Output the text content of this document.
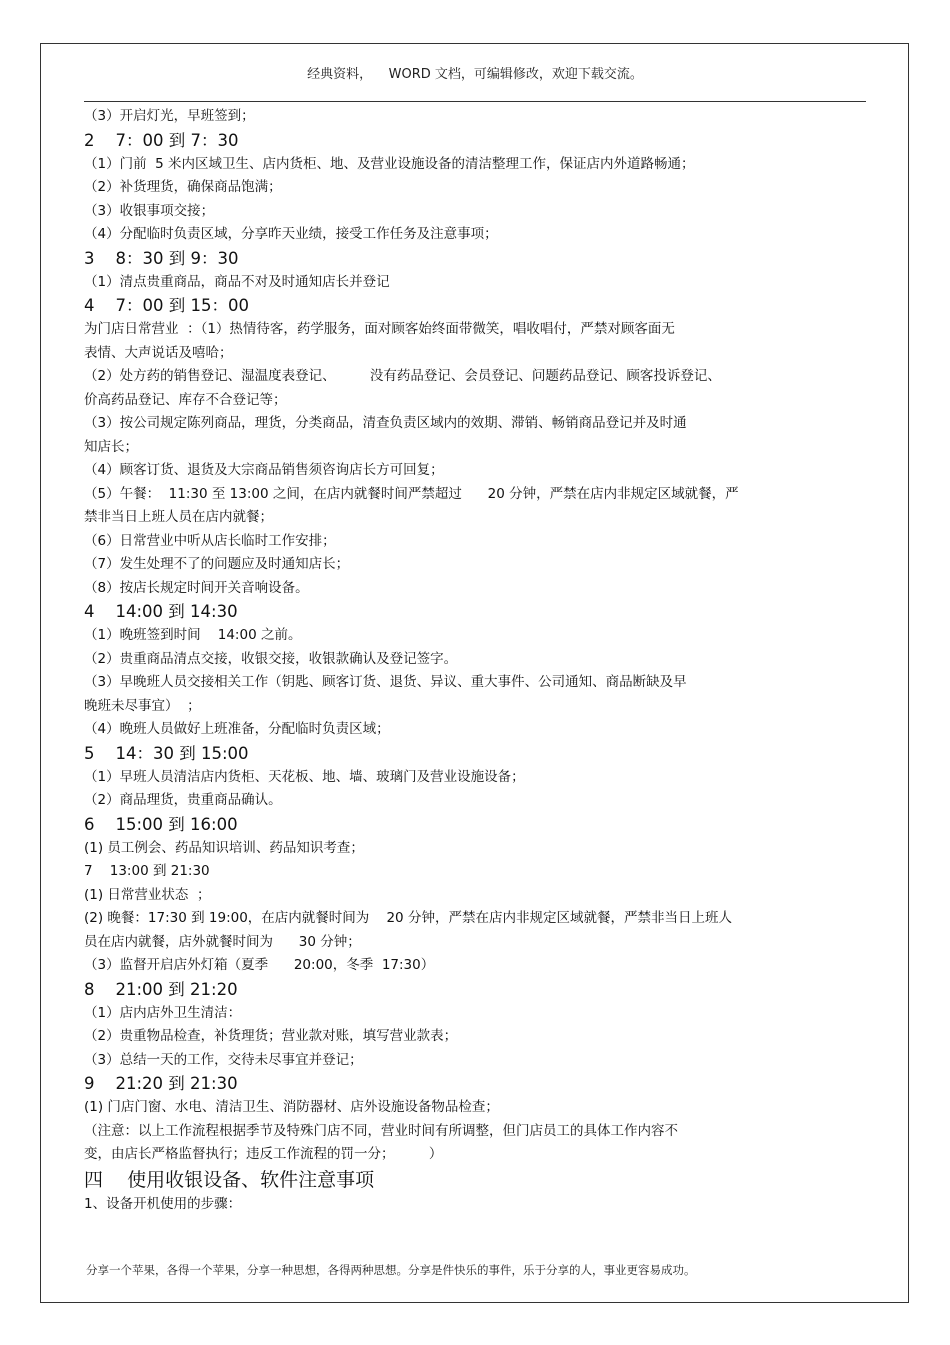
经典资料，    WORD 文档，可编辑修改，欢迎下载交流。
（3）开启灯光，早班签到；
2    7：00 到 7：30
（1）门前  5 米内区域卫生、店内货柜、地、及营业设施设备的清洁整理工作，保证店内外道路畅通；
（2）补货理货，确保商品饱满；
（3）收银事项交接；
（4）分配临时负责区域，分享昨天业绩，接受工作任务及注意事项；
3    8：30 到 9：30
（1）清点贵重商品，商品不对及时通知店长并登记
4    7：00 到 15：00
为门店日常营业  ：（1）热情待客，药学服务，面对顾客始终面带微笑，唱收唱付，严禁对顾客面无
表情、大声说话及嘻哈；
（2）处方药的销售登记、湿温度表登记、        没有药品登记、会员登记、问题药品登记、顾客投诉登记、
价高药品登记、库存不合登记等；
（3）按公司规定陈列商品，理货，分类商品，清查负责区域内的效期、滞销、畅销商品登记并及时通
知店长；
（4）顾客订货、退货及大宗商品销售须咨询店长方可回复；
（5）午餐：  11:30 至 13:00 之间，在店内就餐时间严禁超过      20 分钟，严禁在店内非规定区域就餐，严
禁非当日上班人员在店内就餐；
（6）日常营业中听从店长临时工作安排；
（7）发生处理不了的问题应及时通知店长；
（8）按店长规定时间开关音响设备。
4    14:00 到 14:30
（1）晚班签到时间    14:00 之前。
（2）贵重商品清点交接，收银交接，收银款确认及登记签字。
（3）早晚班人员交接相关工作（钥匙、顾客订货、退货、异议、重大事件、公司通知、商品断缺及早
晚班未尽事宜）  ；
（4）晚班人员做好上班准备，分配临时负责区域；
5    14：30 到 15:00
（1）早班人员清洁店内货柜、天花板、地、墙、玻璃门及营业设施设备；
（2）商品理货，贵重商品确认。
6    15:00 到 16:00
(1) 员工例会、药品知识培训、药品知识考查；
7    13:00 到 21:30
(1) 日常营业状态  ；
(2) 晚餐：17:30 到 19:00，在店内就餐时间为    20 分钟，严禁在店内非规定区域就餐，严禁非当日上班人
员在店内就餐，店外就餐时间为      30 分钟；
（3）监督开启店外灯箱（夏季      20:00，冬季  17:30）
8    21:00 到 21:20
（1）店内店外卫生清洁：
（2）贵重物品检查，补货理货；营业款对账，填写营业款表；
（3）总结一天的工作，交待未尽事宜并登记；
9    21:20 到 21:30
(1) 门店门窗、水电、清洁卫生、消防器材、店外设施设备物品检查；
（注意：以上工作流程根据季节及特殊门店不同，营业时间有所调整，但门店员工的具体工作内容不
变，由店长严格监督执行；违反工作流程的罚一分；        ）
四    使用收银设备、软件注意事项
1、设备开机使用的步骤：
分享一个苹果，各得一个苹果，分享一种思想，各得两种思想。分享是件快乐的事件，乐于分享的人，事业更容易成功。
